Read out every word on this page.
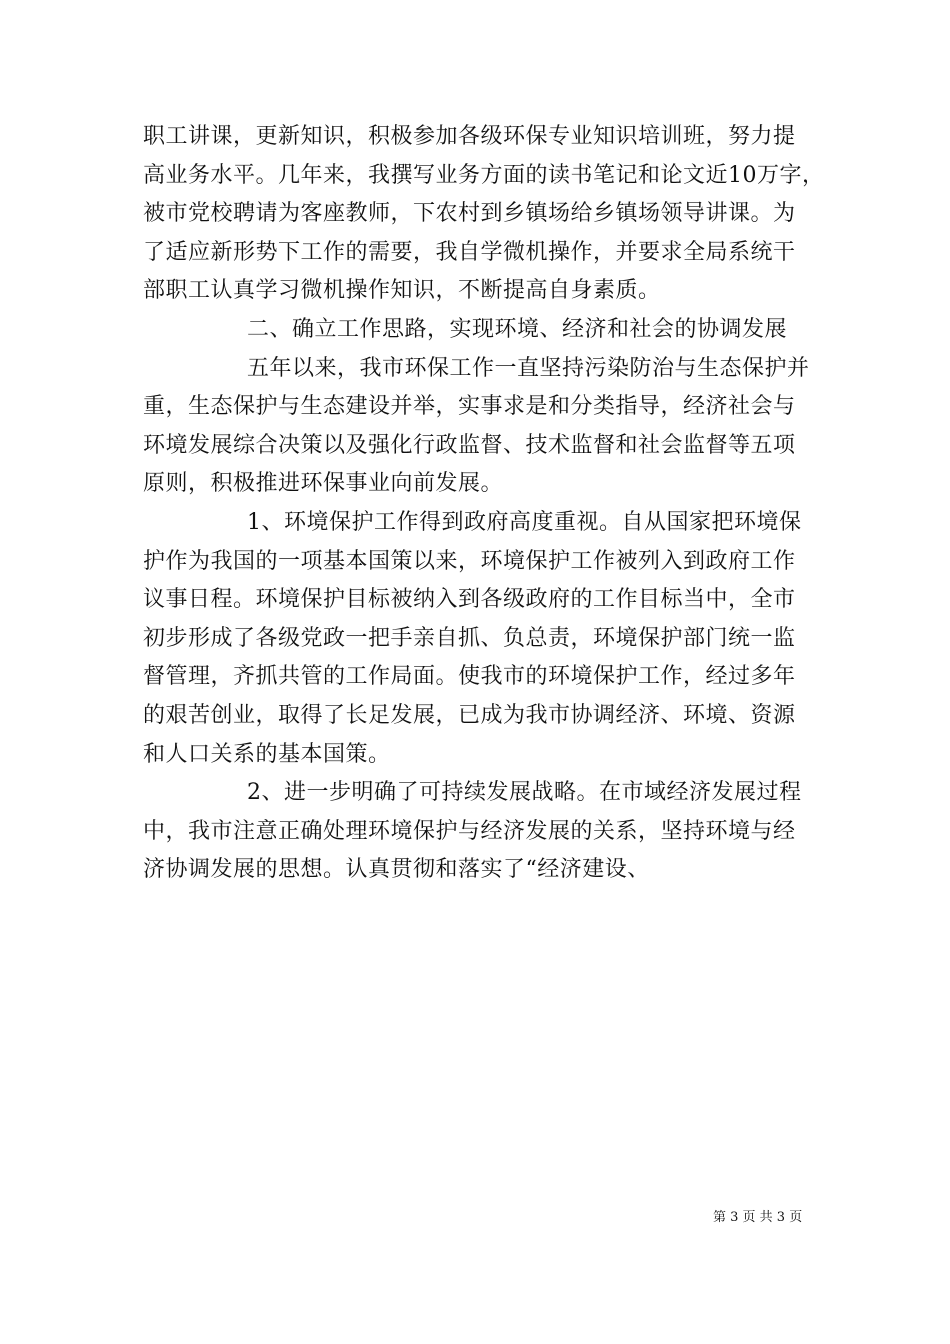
职工讲课，更新知识，积极参加各级环保专业知识培训班，努力提
高业务水平。几年来，我撰写业务方面的读书笔记和论文近10万字，
被市党校聘请为客座教师，下农村到乡镇场给乡镇场领导讲课。为
了适应新形势下工作的需要，我自学微机操作，并要求全局系统干
部职工认真学习微机操作知识，不断提高自身素质。
二、确立工作思路，实现环境、经济和社会的协调发展
五年以来，我市环保工作一直坚持污染防治与生态保护并
重，生态保护与生态建设并举，实事求是和分类指导，经济社会与
环境发展综合决策以及强化行政监督、技术监督和社会监督等五项
原则，积极推进环保事业向前发展。
1、环境保护工作得到政府高度重视。自从国家把环境保
护作为我国的一项基本国策以来，环境保护工作被列入到政府工作
议事日程。环境保护目标被纳入到各级政府的工作目标当中，全市
初步形成了各级党政一把手亲自抓、负总责，环境保护部门统一监
督管理，齐抓共管的工作局面。使我市的环境保护工作，经过多年
的艰苦创业，取得了长足发展，已成为我市协调经济、环境、资源
和人口关系的基本国策。
2、进一步明确了可持续发展战略。在市域经济发展过程
中，我市注意正确处理环境保护与经济发展的关系，坚持环境与经
济协调发展的思想。认真贯彻和落实了“经济建设、
第 3 页 共 3 页
